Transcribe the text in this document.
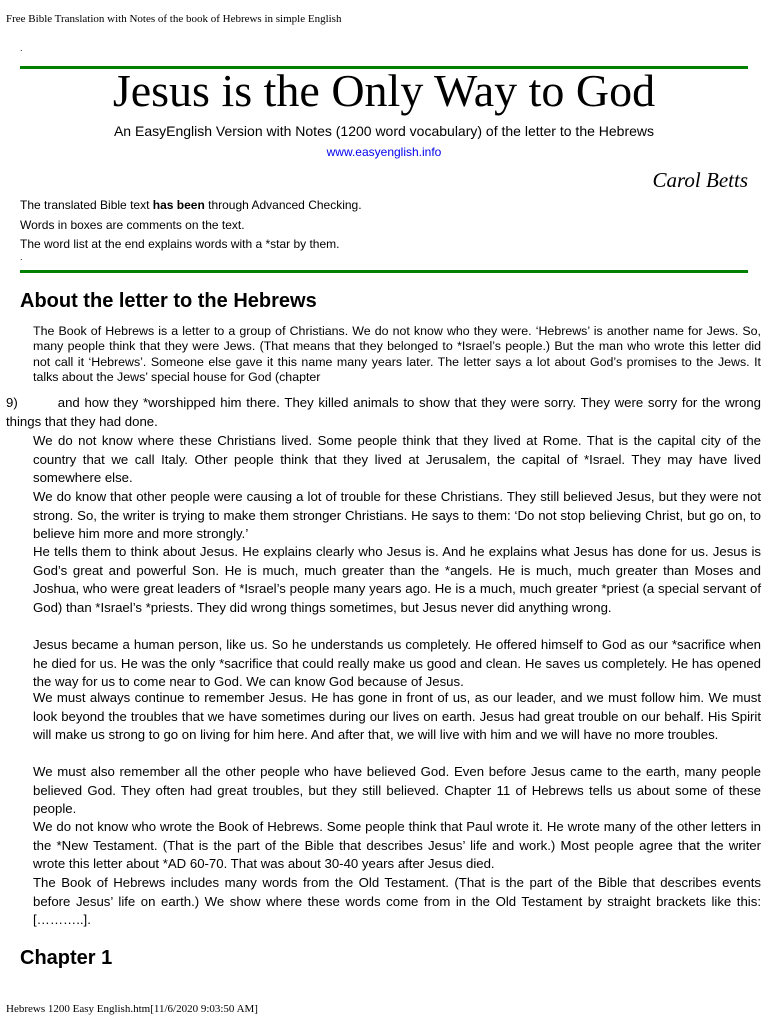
Free Bible Translation with Notes of the book of Hebrews in simple English
.
Jesus is the Only Way to God
An EasyEnglish Version with Notes (1200 word vocabulary) of the letter to the Hebrews
www.easyenglish.info
Carol Betts
The translated Bible text has been through Advanced Checking.
Words in boxes are comments on the text.
The word list at the end explains words with a *star by them.
.
About the letter to the Hebrews
The Book of Hebrews is a letter to a group of Christians. We do not know who they were. ‘Hebrews’ is another name for Jews. So, many people think that they were Jews. (That means that they belonged to *Israel’s people.) But the man who wrote this letter did not call it ‘Hebrews’. Someone else gave it this name many years later. The letter says a lot about God’s promises to the Jews. It talks about the Jews’ special house for God (chapter
9)	and how they *worshipped him there. They killed animals to show that they were sorry. They were sorry for the wrong things that they had done.
We do not know where these Christians lived. Some people think that they lived at Rome. That is the capital city of the country that we call Italy. Other people think that they lived at Jerusalem, the capital of *Israel. They may have lived somewhere else.
We do know that other people were causing a lot of trouble for these Christians. They still believed Jesus, but they were not strong. So, the writer is trying to make them stronger Christians. He says to them: ‘Do not stop believing Christ, but go on, to believe him more and more strongly.’
He tells them to think about Jesus. He explains clearly who Jesus is. And he explains what Jesus has done for us. Jesus is God’s great and powerful Son. He is much, much greater than the *angels. He is much, much greater than Moses and Joshua, who were great leaders of *Israel’s people many years ago. He is a much, much greater *priest (a special servant of God) than *Israel’s *priests. They did wrong things sometimes, but Jesus never did anything wrong.
Jesus became a human person, like us. So he understands us completely. He offered himself to God as our *sacrifice when he died for us. He was the only *sacrifice that could really make us good and clean. He saves us completely. He has opened the way for us to come near to God. We can know God because of Jesus.
We must always continue to remember Jesus. He has gone in front of us, as our leader, and we must follow him. We must look beyond the troubles that we have sometimes during our lives on earth. Jesus had great trouble on our behalf. His Spirit will make us strong to go on living for him here. And after that, we will live with him and we will have no more troubles.
We must also remember all the other people who have believed God. Even before Jesus came to the earth, many people believed God. They often had great troubles, but they still believed. Chapter 11 of Hebrews tells us about some of these people.
We do not know who wrote the Book of Hebrews. Some people think that Paul wrote it. He wrote many of the other letters in the *New Testament. (That is the part of the Bible that describes Jesus’ life and work.) Most people agree that the writer wrote this letter about *AD 60-70. That was about 30-40 years after Jesus died.
The Book of Hebrews includes many words from the Old Testament. (That is the part of the Bible that describes events before Jesus’ life on earth.) We show where these words come from in the Old Testament by straight brackets like this: [………..].
Chapter 1
Hebrews 1200 Easy English.htm[11/6/2020 9:03:50 AM]
